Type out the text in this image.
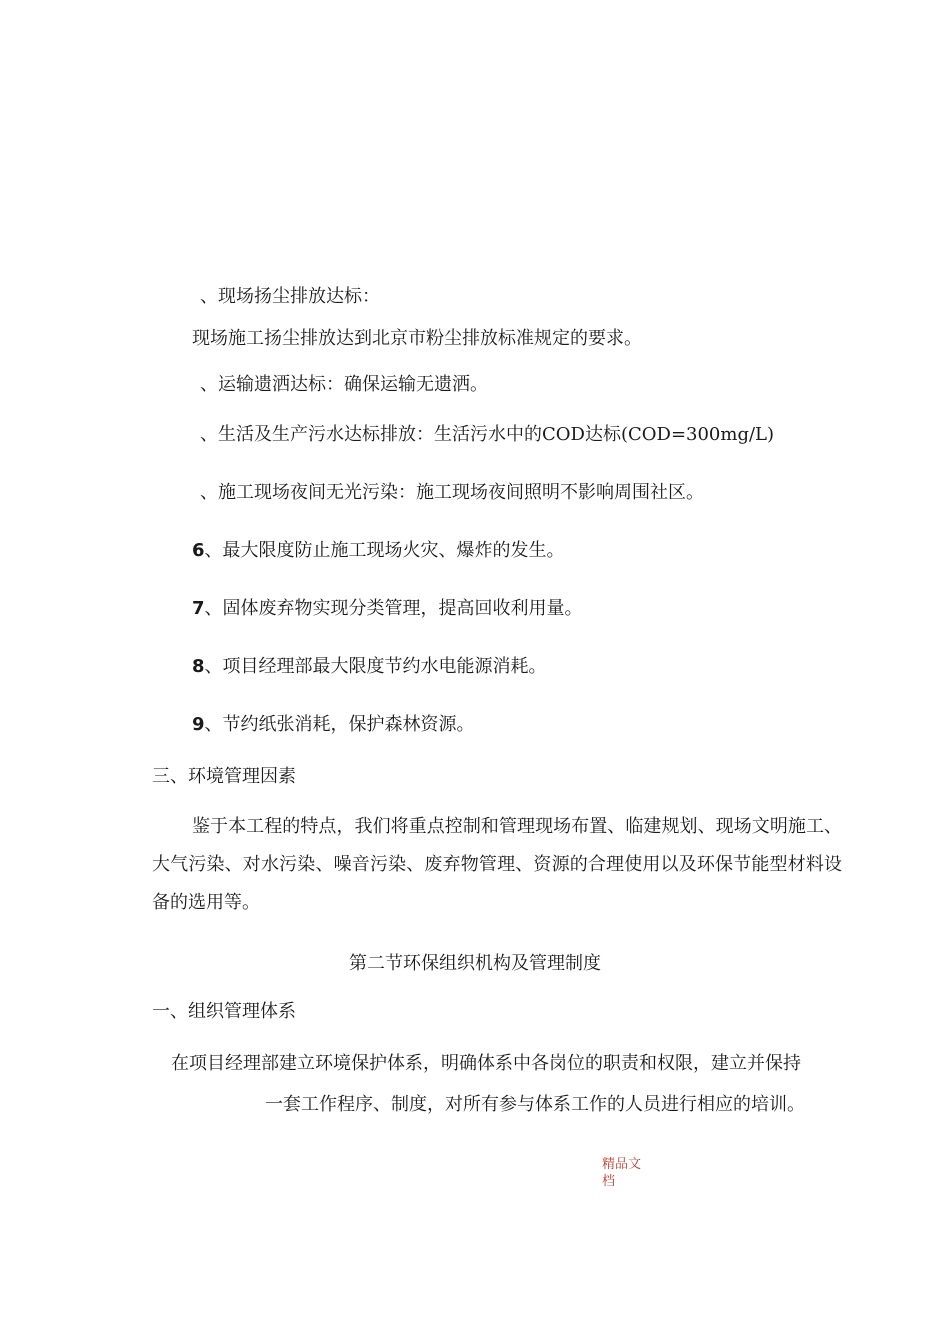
、现场扬尘排放达标：
现场施工扬尘排放达到北京市粉尘排放标准规定的要求。
、运输遗洒达标：确保运输无遗洒。
、生活及生产污水达标排放：生活污水中的COD达标(COD=300mg/L)
、施工现场夜间无光污染：施工现场夜间照明不影响周围社区。
6、最大限度防止施工现场火灾、爆炸的发生。
7、固体废弃物实现分类管理，提高回收利用量。
8、项目经理部最大限度节约水电能源消耗。
9、节约纸张消耗，保护森林资源。
三、环境管理因素
鉴于本工程的特点，我们将重点控制和管理现场布置、临建规划、现场文明施工、大气污染、对水污染、噪音污染、废弃物管理、资源的合理使用以及环保节能型材料设备的选用等。
第二节环保组织机构及管理制度
一、组织管理体系
在项目经理部建立环境保护体系，明确体系中各岗位的职责和权限，建立并保持
一套工作程序、制度，对所有参与体系工作的人员进行相应的培训。
精品文档
